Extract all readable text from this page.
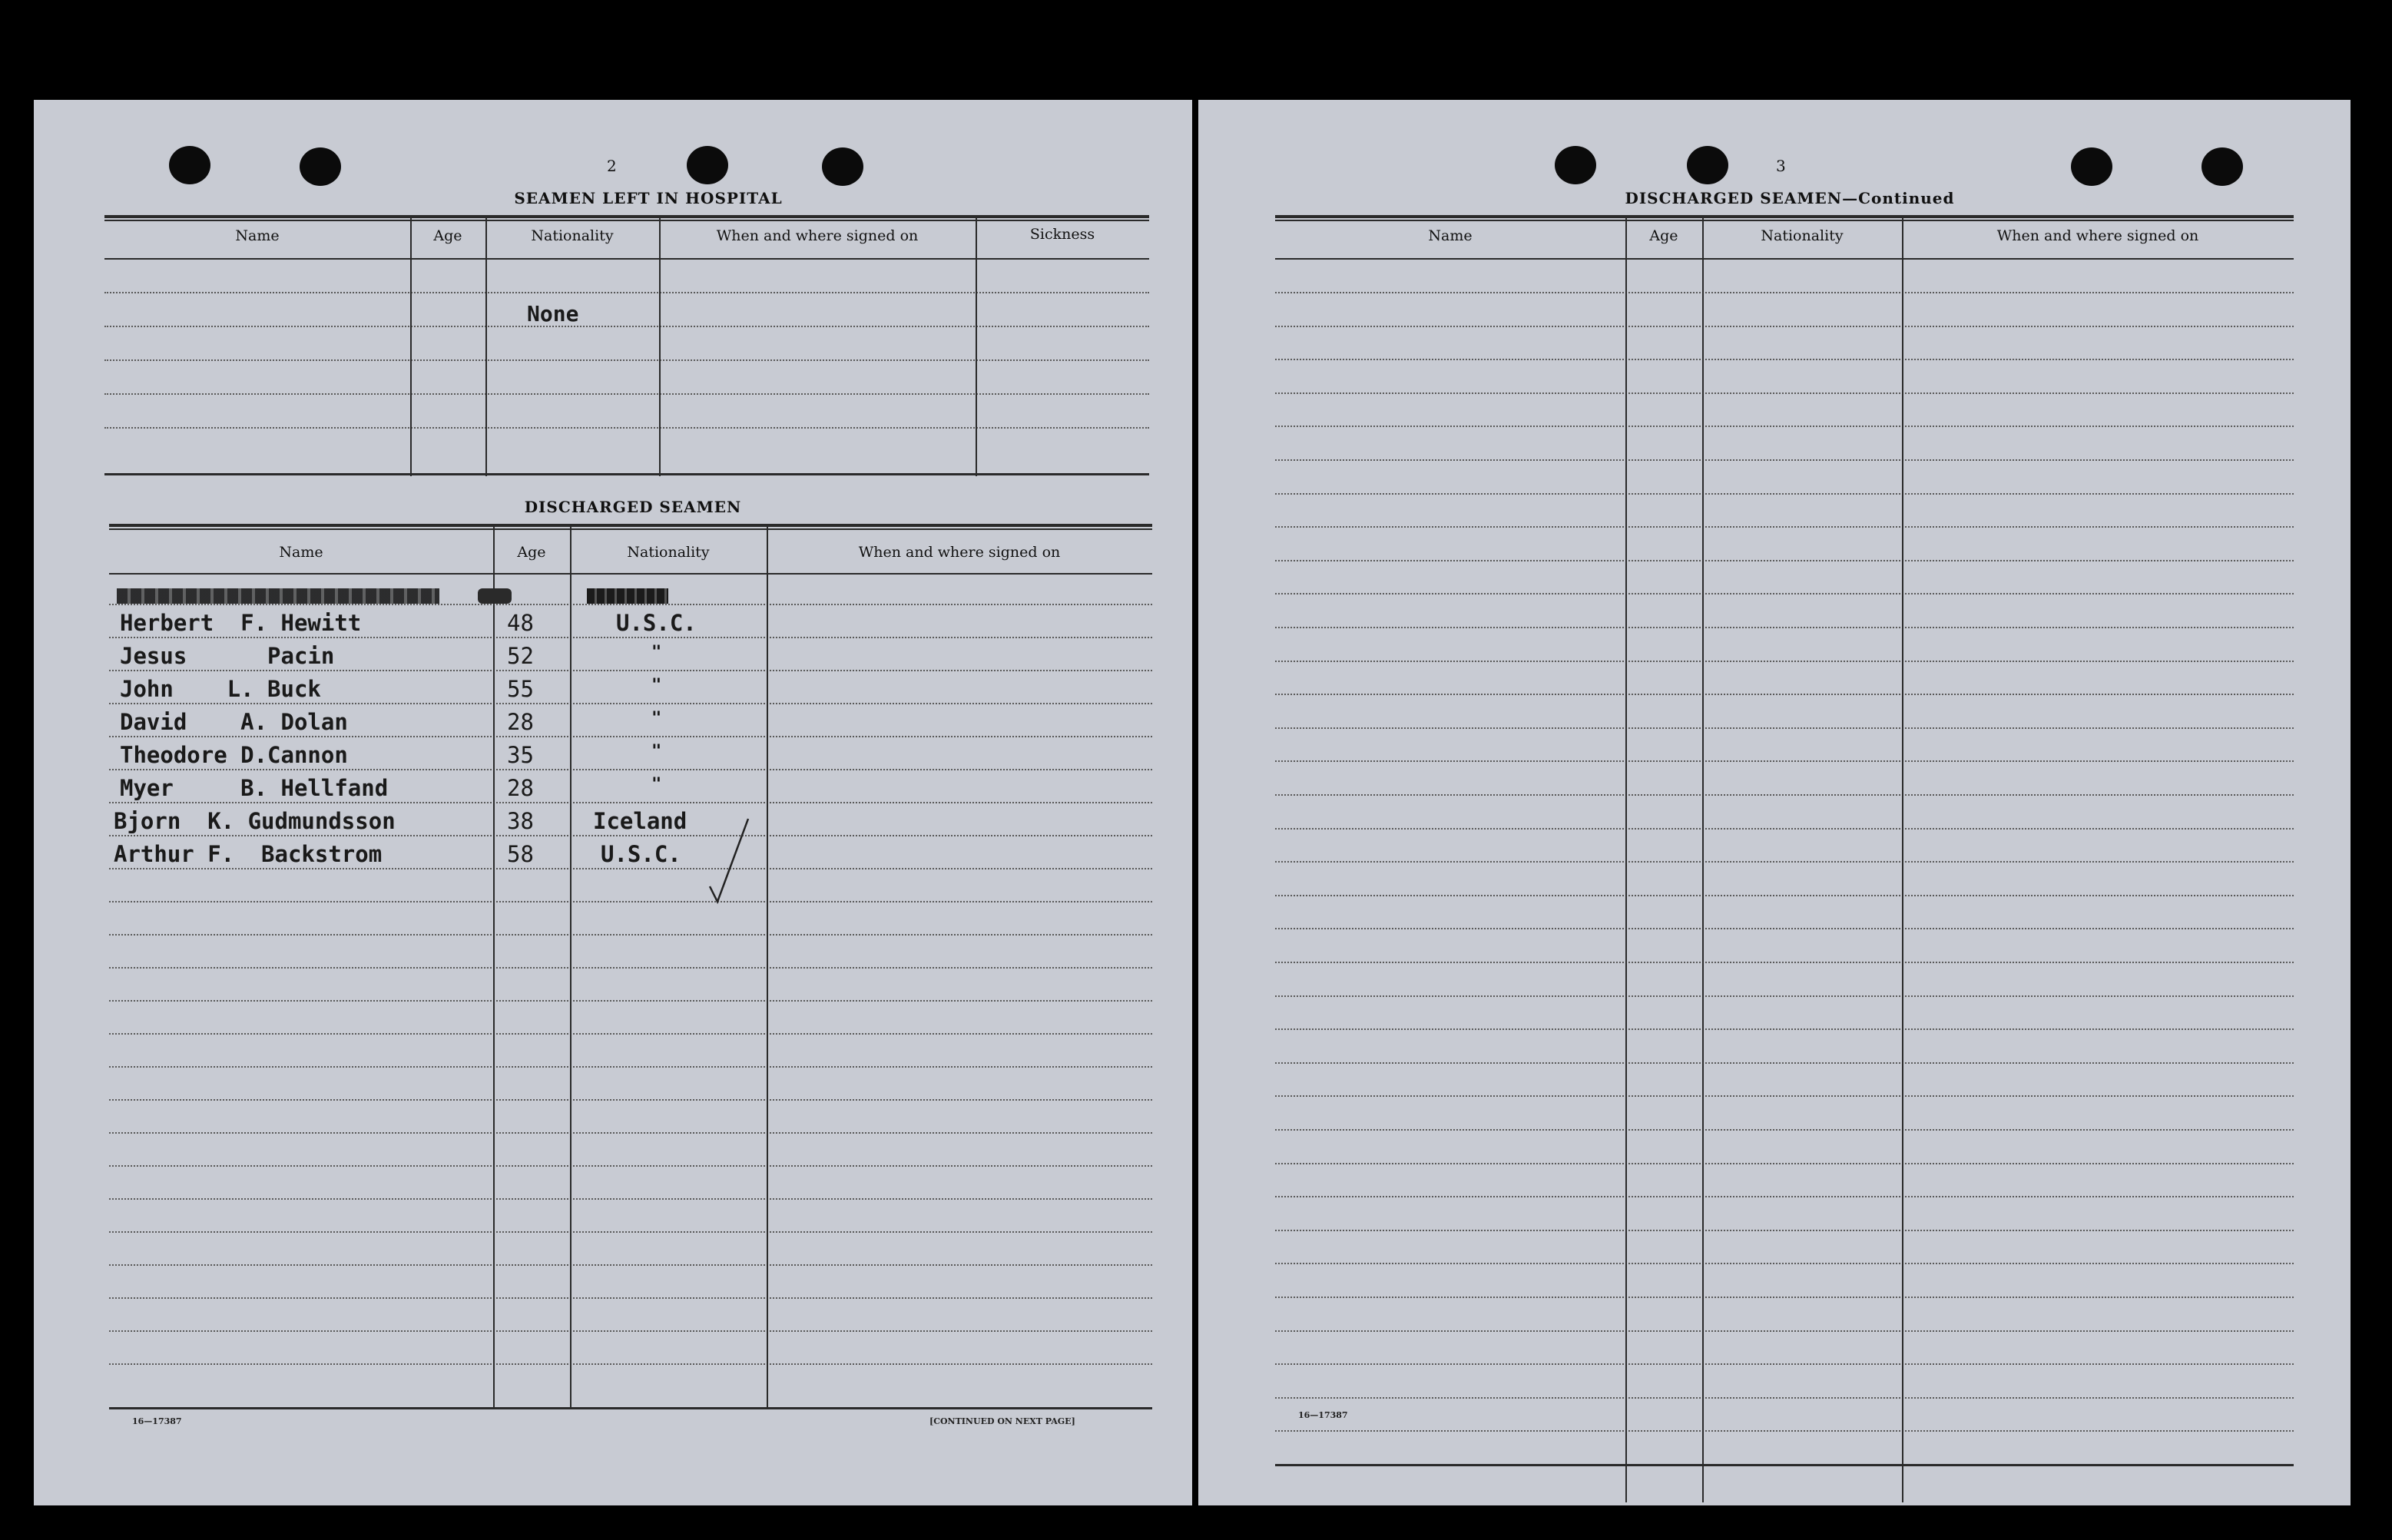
2
SEAMEN LEFT IN HOSPITAL
Name	Age	Nationality	When and where signed on	Sickness
None
DISCHARGED SEAMEN
Name	Age	Nationality	When and where signed on
Herbert  F. Hewitt	48	U.S.C.
Jesus      Pacin	52	"
John    L. Buck	55	"
David    A. Dolan	28	"
Theodore D.Cannon	35	"
Myer     B. Hellfand	28	"
Bjorn  K. Gudmundsson	38	Iceland
Arthur F.  Backstrom	58	U.S.C.
16—17387	[CONTINUED ON NEXT PAGE]
3
DISCHARGED SEAMEN—Continued
Name	Age	Nationality	When and where signed on
16—17387
